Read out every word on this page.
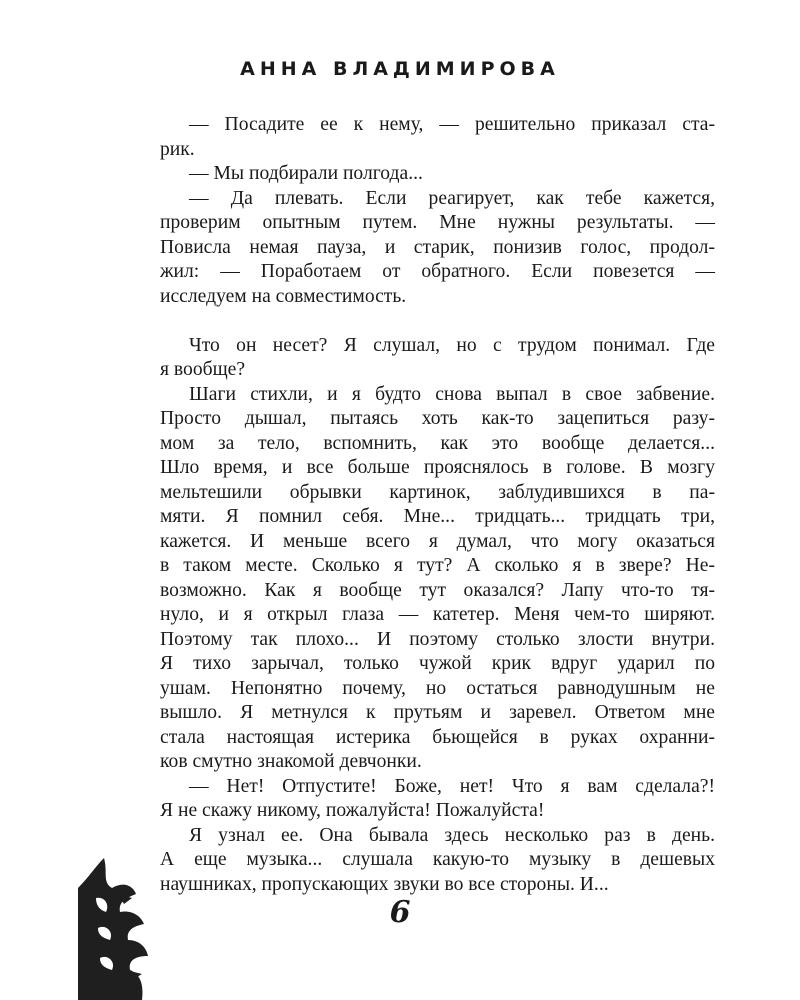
АННА ВЛАДИМИРОВА
— Посадите ее к нему, — решительно приказал ста-
рик.
— Мы подбирали полгода...
— Да плевать. Если реагирует, как тебе кажется,
проверим опытным путем. Мне нужны результаты. —
Повисла немая пауза, и старик, понизив голос, продол-
жил: — Поработаем от обратного. Если повезется —
исследуем на совместимость.
Что он несет? Я слушал, но с трудом понимал. Где
я вообще?
Шаги стихли, и я будто снова выпал в свое забвение.
Просто дышал, пытаясь хоть как-то зацепиться разу-
мом за тело, вспомнить, как это вообще делается...
Шло время, и все больше прояснялось в голове. В мозгу
мельтешили обрывки картинок, заблудившихся в па-
мяти. Я помнил себя. Мне... тридцать... тридцать три,
кажется. И меньше всего я думал, что могу оказаться
в таком месте. Сколько я тут? А сколько я в звере? Не-
возможно. Как я вообще тут оказался? Лапу что-то тя-
нуло, и я открыл глаза — катетер. Меня чем-то ширяют.
Поэтому так плохо... И поэтому столько злости внутри.
Я тихо зарычал, только чужой крик вдруг ударил по
ушам. Непонятно почему, но остаться равнодушным не
вышло. Я метнулся к прутьям и заревел. Ответом мне
стала настоящая истерика бьющейся в руках охранни-
ков смутно знакомой девчонки.
— Нет! Отпустите! Боже, нет! Что я вам сделала?!
Я не скажу никому, пожалуйста! Пожалуйста!
Я узнал ее. Она бывала здесь несколько раз в день.
А еще музыка... слушала какую-то музыку в дешевых
наушниках, пропускающих звуки во все стороны. И...
6
